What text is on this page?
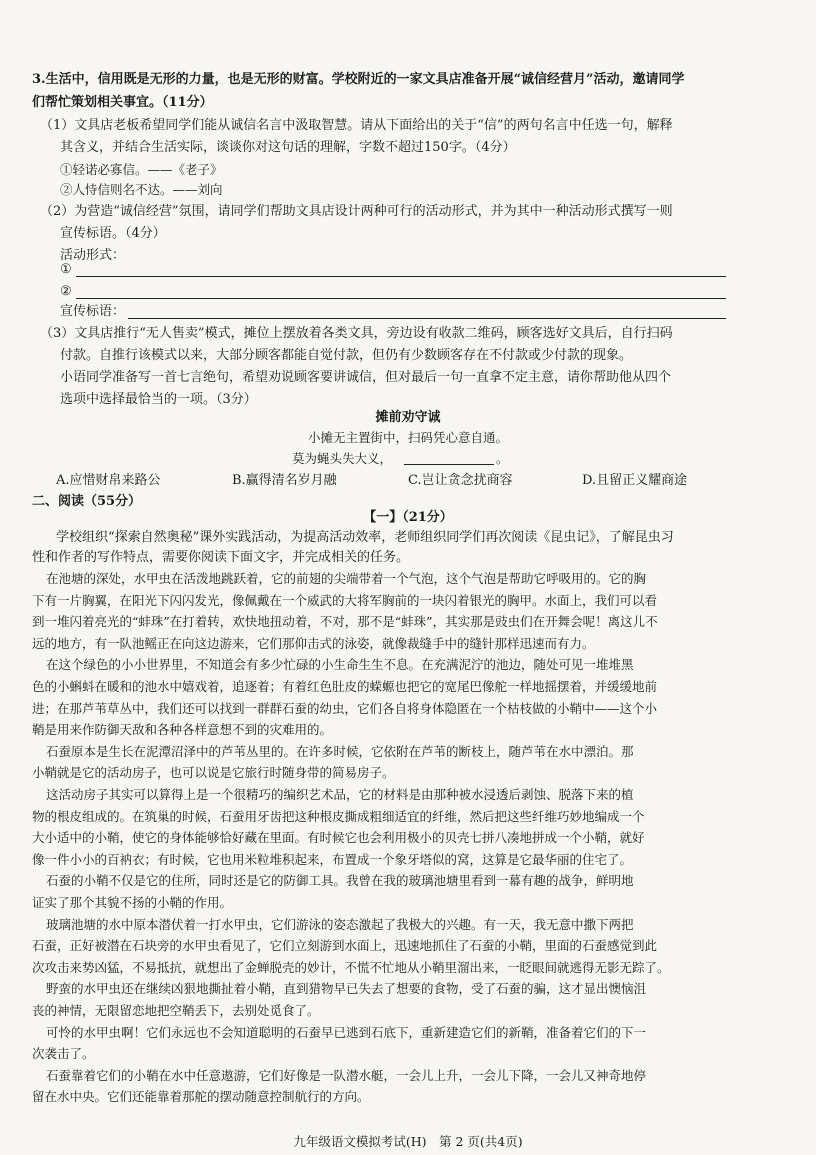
3.生活中，信用既是无形的力量，也是无形的财富。学校附近的一家文具店准备开展“诚信经营月”活动，邀请同学
们帮忙策划相关事宜。（11分）
（1）文具店老板希望同学们能从诚信名言中汲取智慧。请从下面给出的关于“信”的两句名言中任选一句，解释
其含义，并结合生活实际，谈谈你对这句话的理解，字数不超过150字。（4分）
①轻诺必寡信。——《老子》
②人恃信则名不达。——刘向
（2）为营造“诚信经营”氛围，请同学们帮助文具店设计两种可行的活动形式，并为其中一种活动形式撰写一则
宣传标语。（4分）
活动形式：
①
②
宣传标语：
（3）文具店推行“无人售卖”模式，摊位上摆放着各类文具，旁边设有收款二维码，顾客选好文具后，自行扫码
付款。自推行该模式以来，大部分顾客都能自觉付款，但仍有少数顾客存在不付款或少付款的现象。
小语同学准备写一首七言绝句，希望劝说顾客要讲诚信，但对最后一句一直拿不定主意，请你帮助他从四个
选项中选择最恰当的一项。（3分）
摊前劝守诚
小摊无主置街中，扫码凭心意自通。
莫为蝇头失大义，	。
A.应惜财帛来路公	B.赢得清名岁月融	C.岂让贪念扰商容	D.且留正义耀商途
二、阅读（55分）
【一】（21分）
学校组织“探索自然奥秘”课外实践活动，为提高活动效率，老师组织同学们再次阅读《昆虫记》，了解昆虫习
性和作者的写作特点，需要你阅读下面文字，并完成相关的任务。
在池塘的深处，水甲虫在活泼地跳跃着，它的前翅的尖端带着一个气泡，这个气泡是帮助它呼吸用的。它的胸
下有一片胸翼，在阳光下闪闪发光，像佩戴在一个威武的大将军胸前的一块闪着银光的胸甲。水面上，我们可以看
到一堆闪着亮光的“蚌珠”在打着转，欢快地扭动着，不对，那不是“蚌珠”，其实那是豉虫们在开舞会呢！离这儿不
远的地方，有一队池鳐正在向这边游来，它们那仰击式的泳姿，就像裁缝手中的缝针那样迅速而有力。
在这个绿色的小小世界里，不知道会有多少忙碌的小生命生生不息。在充满泥泞的池边，随处可见一堆堆黑
色的小蝌蚪在暖和的池水中嬉戏着，追逐着；有着红色肚皮的蝾螈也把它的宽尾巴像舵一样地摇摆着，并缓缓地前
进；在那芦苇草丛中，我们还可以找到一群群石蚕的幼虫，它们各自将身体隐匿在一个枯枝做的小鞘中——这个小
鞘是用来作防御天敌和各种各样意想不到的灾难用的。
石蚕原本是生长在泥潭沼泽中的芦苇丛里的。在许多时候，它依附在芦苇的断枝上，随芦苇在水中漂泊。那
小鞘就是它的活动房子，也可以说是它旅行时随身带的简易房子。
这活动房子其实可以算得上是一个很精巧的编织艺术品，它的材料是由那种被水浸透后剥蚀、脱落下来的植
物的根皮组成的。在筑巢的时候，石蚕用牙齿把这种根皮撕成粗细适宜的纤维，然后把这些纤维巧妙地编成一个
大小适中的小鞘，使它的身体能够恰好藏在里面。有时候它也会利用极小的贝壳七拼八凑地拼成一个小鞘，就好
像一件小小的百衲衣；有时候，它也用米粒堆积起来，布置成一个象牙塔似的窝，这算是它最华丽的住宅了。
石蚕的小鞘不仅是它的住所，同时还是它的防御工具。我曾在我的玻璃池塘里看到一幕有趣的战争，鲜明地
证实了那个其貌不扬的小鞘的作用。
玻璃池塘的水中原本潜伏着一打水甲虫，它们游泳的姿态激起了我极大的兴趣。有一天，我无意中撒下两把
石蚕，正好被潜在石块旁的水甲虫看见了，它们立刻游到水面上，迅速地抓住了石蚕的小鞘，里面的石蚕感觉到此
次攻击来势凶猛，不易抵抗，就想出了金蝉脱壳的妙计，不慌不忙地从小鞘里溜出来，一眨眼间就逃得无影无踪了。
野蛮的水甲虫还在继续凶狠地撕扯着小鞘，直到猎物早已失去了想要的食物，受了石蚕的骗，这才显出懊恼沮
丧的神情，无限留恋地把空鞘丢下，去别处觅食了。
可怜的水甲虫啊！它们永远也不会知道聪明的石蚕早已逃到石底下，重新建造它们的新鞘，准备着它们的下一
次袭击了。
石蚕靠着它们的小鞘在水中任意遨游，它们好像是一队潜水艇，一会儿上升，一会儿下降，一会儿又神奇地停
留在水中央。它们还能靠着那舵的摆动随意控制航行的方向。
九年级语文模拟考试(H)　第 2 页(共4页)
